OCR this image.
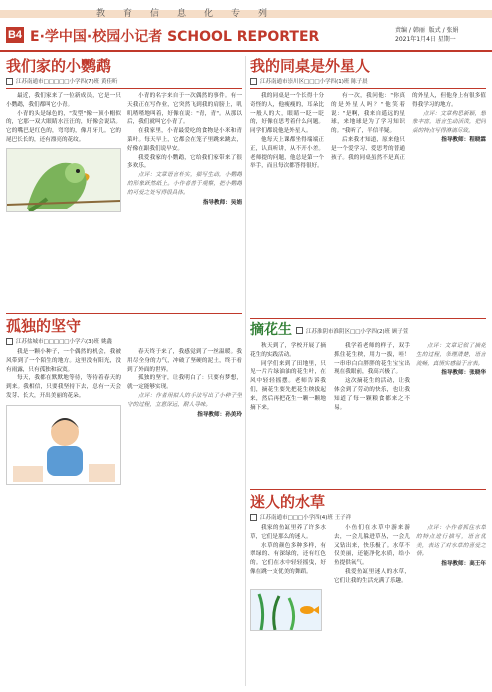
教育信息化专列
B4 E·学中国·校园小记者 SCHOOL REPORTER	责编 / 韩丽 版式 / 张娟
2021年1月4日 星期一
我们家的小鹦鹉
江苏南通市□□□□□小学四(7)班 黄佳昕

最近，我们家来了一位新成员，它是一只小鹦鹉，我们都叫它小青。

小青的头是绿色的，"发型"像一顶小帽似的，它那一双大眼睛水汪汪的，好像会说话。它的嘴巴是红色的，弯弯的，像月牙儿。它的尾巴长长的，还有漂亮的花纹。

小青的名字来自于一次偶然的事件。有一天我正在写作业，它突然飞到我的肩膀上，叽叽喳喳地叫着，好像在说："青，青"。从那以后，我们就叫它小青了。

在我家里，小青最爱吃的食物是小米和青菜叶。每天早上，它都会在笼子里跳来跳去，好像在跟我们说早安。

我爱我家的小鹦鹉，它给我们家带来了很多欢乐。

点评：文章语言朴实，描写生动，小鹦鹉的形象跃然纸上。小作者善于观察，把小鹦鹉的可爱之处写得很具体。

指导教师：吴娟
孤独的坚守
江苏盐城市□□□□□小学六(3)班 姚鑫

我是一颗小种子，一个偶然的机会，我被风带到了一个陌生的地方。这里没有阳光，没有雨露，只有孤独和寂寞。

每天，我都在默默地等待，等待着春天的到来。我相信，只要我坚持下去，总有一天会发芽、长大，开出美丽的花朵。

春天终于来了，我感觉到了一丝温暖。我用尽全身的力气，冲破了坚硬的泥土，终于看到了外面的世界。

孤独的坚守，让我明白了：只要有梦想，就一定能够实现。

点评：作者用拟人的手法写出了小种子坚守的过程，立意深远，耐人寻味。

指导教师：孙美玲
我的同桌是外星人
江苏南通市崇川区□□□小学四(1)班 陈子晨

我的同桌是一个长得十分奇怪的人，他瘦瘦的，耳朵比一般人的大，眼睛一眨一眨的，好像在思考着什么问题。同学们都说他是外星人。

他每天上课都坐得端端正正，认真听讲，从不开小差。老师提的问题，他总是第一个举手，而且每次都答得很好。

有一次，我问他："你真的是外星人吗？"他笑着说："是啊，我来自遥远的星球，来地球是为了学习知识的。"我听了，半信半疑。

后来我才知道，原来他只是一个爱学习、爱思考的普通孩子。我的同桌虽然不是真正的外星人，但他身上有很多值得我学习的地方。

点评：文章构思新颖，想象丰富，语言生动活泼，把同桌的特点写得淋漓尽致。

指导教师：程晓霖
摘花生	江苏淮阴市淮阴区□□小学四(2)班 顾子萱

秋天到了，学校开展了摘花生的实践活动。

同学们来到了田地里，只见一片片绿油油的花生叶，在风中轻轻摇摆。老师告诉我们，摘花生要先把花生秧拔起来，然后再把花生一颗一颗地摘下来。

我学着老师的样子，双手抓住花生秧，用力一拔，哇！一串串白白胖胖的花生宝宝出现在我眼前，我高兴极了。

这次摘花生的活动，让我体会到了劳动的快乐，也让我知道了每一颗粮食都来之不易。

点评：文章记叙了摘花生的过程，条理清楚，语言流畅，真情实感溢于言表。

指导教师：张晓华
迷人的水草
江苏南通市□□□小学四(4)班 王子祥

我家的鱼缸里养了许多水草，它们是那么的迷人。

水草的颜色多种多样，有翠绿的、有深绿的，还有红色的。它们在水中轻轻摇曳，好像在跳一支优美的舞蹈。

小鱼们在水草中游来游去，一会儿躲进草丛，一会儿又钻出来，快乐极了。水草不仅美丽，还能净化水质，给小鱼提供氧气。

我爱鱼缸里迷人的水草，它们让我的生活充满了乐趣。

点评：小作者抓住水草的特点进行描写，语言优美，表达了对水草的喜爱之情。

指导教师：高王年
